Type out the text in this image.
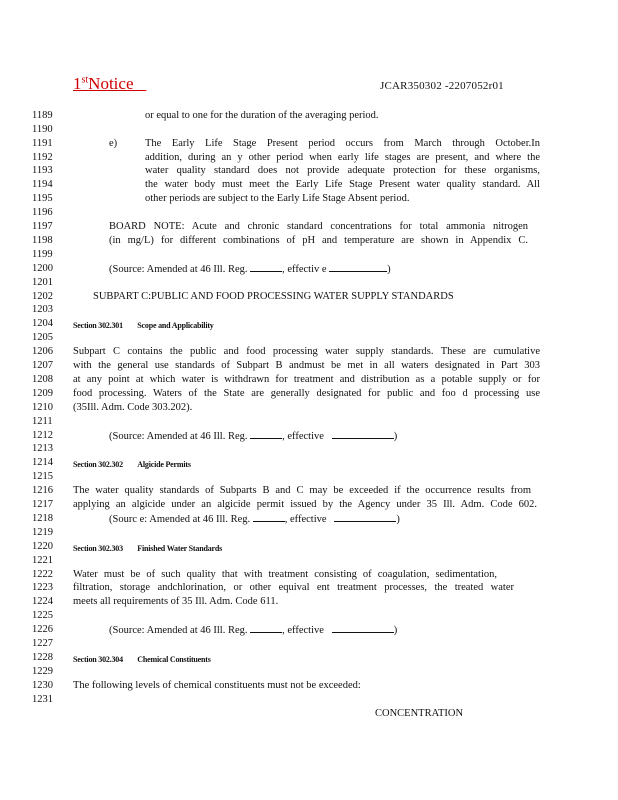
1stNotice	JCAR350302 -2207052r01
1189
1190
1191
1192
1193
1194
1195
1196
1197
1198
1199
1200
1201
1202
1203
1204
1205
1206
1207
1208
1209
1210
1211
1212
1213
1214
1215
1216
1217
1218
1219
1220
1221
1222
1223
1224
1225
1226
1227
1228
1229
1230
1231
or equal to one for the duration of the averaging period.
e)	The Early Life Stage Present period occurs from March through October.In
addition, during an y other period when early life stages are present, and where the
water quality standard does not provide adequate protection for these organisms,
the water body must meet the Early Life Stage Present water quality standard. All
other periods are subject to the Early Life Stage Absent period.
BOARD NOTE: Acute and chronic standard concentrations for total ammonia nitrogen
(in mg/L) for different combinations of pH and temperature are shown in Appendix C.
(Source: Amended at 46 Ill. Reg.	, effectiv e	)
SUBPART C:PUBLIC AND FOOD PROCESSING WATER SUPPLY STANDARDS
Section 302.301 Scope and Applicability
Subpart C contains the public and food processing water supply standards. These are cumulative
with the general use standards of Subpart B andmust be met in all waters designated in Part 303
at any point at which water is withdrawn for treatment and distribution as a potable supply or for
food processing. Waters of the State are generally designated for public and foo d processing use
(35Ill. Adm. Code 303.202).
(Source: Amended at 46 Ill. Reg.	, effective	)
Section 302.302 Algicide Permits
The water quality standards of Subparts B and C may be exceeded if the occurrence results from
applying an algicide under an algicide permit issued by the Agency under 35 Ill. Adm. Code 602.
(Sourc e: Amended at 46 Ill. Reg.	, effective	)
Section 302.303 Finished Water Standards
Water must be of such quality that with treatment consisting of coagulation, sedimentation,
filtration, storage andchlorination, or other equival ent treatment processes, the treated water
meets all requirements of 35 Ill. Adm. Code 611.
(Source: Amended at 46 Ill. Reg.	, effective	)
Section 302.304 Chemical Constituents
The following levels of chemical constituents must not be exceeded:
CONCENTRATION
